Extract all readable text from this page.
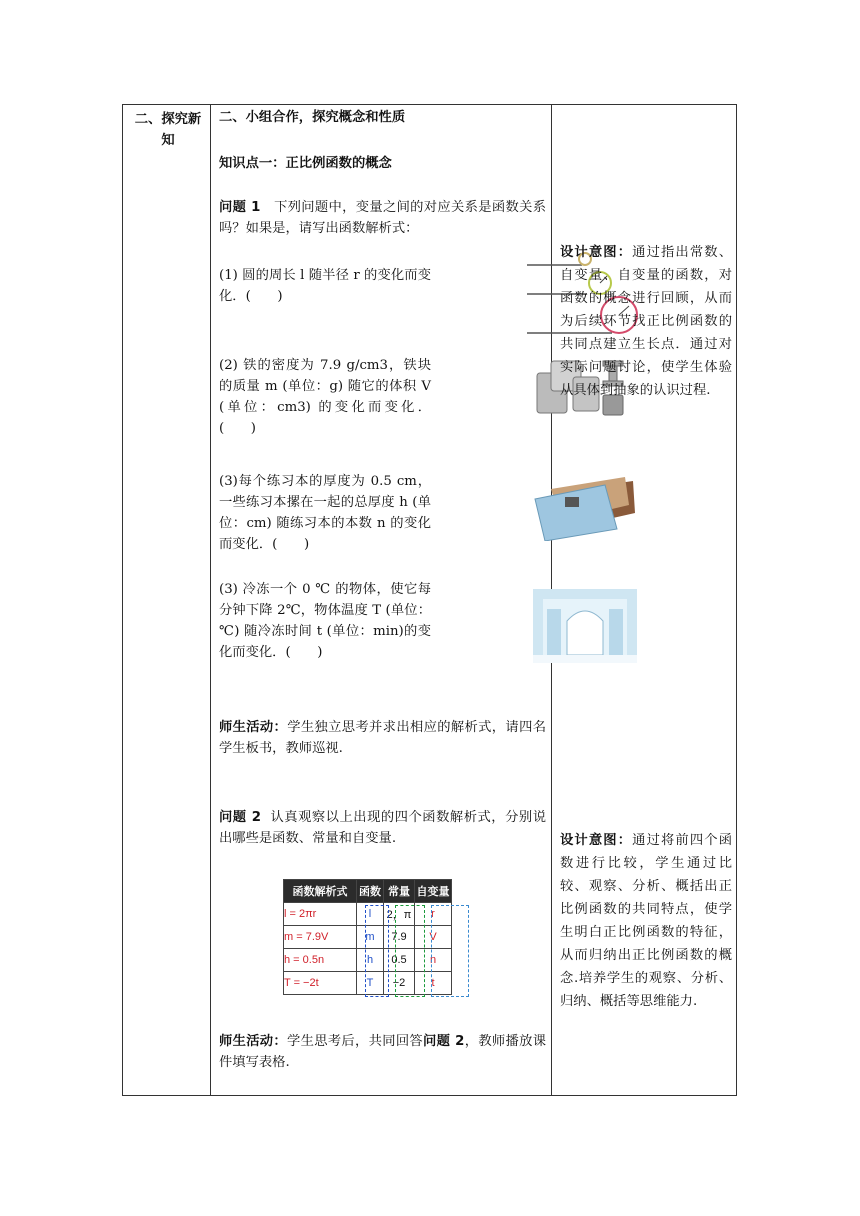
二、探究新知

二、小组合作，探究概念和性质
知识点一：正比例函数的概念
问题 1 下列问题中，变量之间的对应关系是函数关系吗？如果是，请写出函数解析式：
(1) 圆的周长 l 随半径 r 的变化而变化．(　　)
(2) 铁的密度为 7.9 g/cm3，铁块的质量 m (单位：g) 随它的体积 V (单位：cm3) 的变化而变化．(　　)
(3)每个练习本的厚度为 0.5 cm，一些练习本摞在一起的总厚度 h (单位：cm) 随练习本的本数 n 的变化而变化．(　　)
(3) 冷冻一个 0 ℃ 的物体，使它每分钟下降 2℃，物体温度 T (单位：℃) 随冷冻时间 t (单位：min)的变化而变化．(　　)
师生活动：学生独立思考并求出相应的解析式，请四名学生板书，教师巡视.
问题 2 认真观察以上出现的四个函数解析式，分别说出哪些是函数、常量和自变量.
函数解析式	函数	常量	自变量
l = 2πr	l	2，π	r
m = 7.9V	m	7.9	V
h = 0.5n	h	0.5	n
T = −2t	T	−2	t
师生活动：学生思考后，共同回答问题 2，教师播放课件填写表格.

设计意图：通过指出常数、自变量、自变量的函数，对函数的概念进行回顾，从而为后续环节找正比例函数的共同点建立生长点．通过对实际问题讨论，使学生体验从具体到抽象的认识过程.
设计意图：通过将前四个函数进行比较，学生通过比较、观察、分析、概括出正比例函数的共同特点，使学生明白正比例函数的特征，从而归纳出正比例函数的概念.培养学生的观察、分析、归纳、概括等思维能力.
